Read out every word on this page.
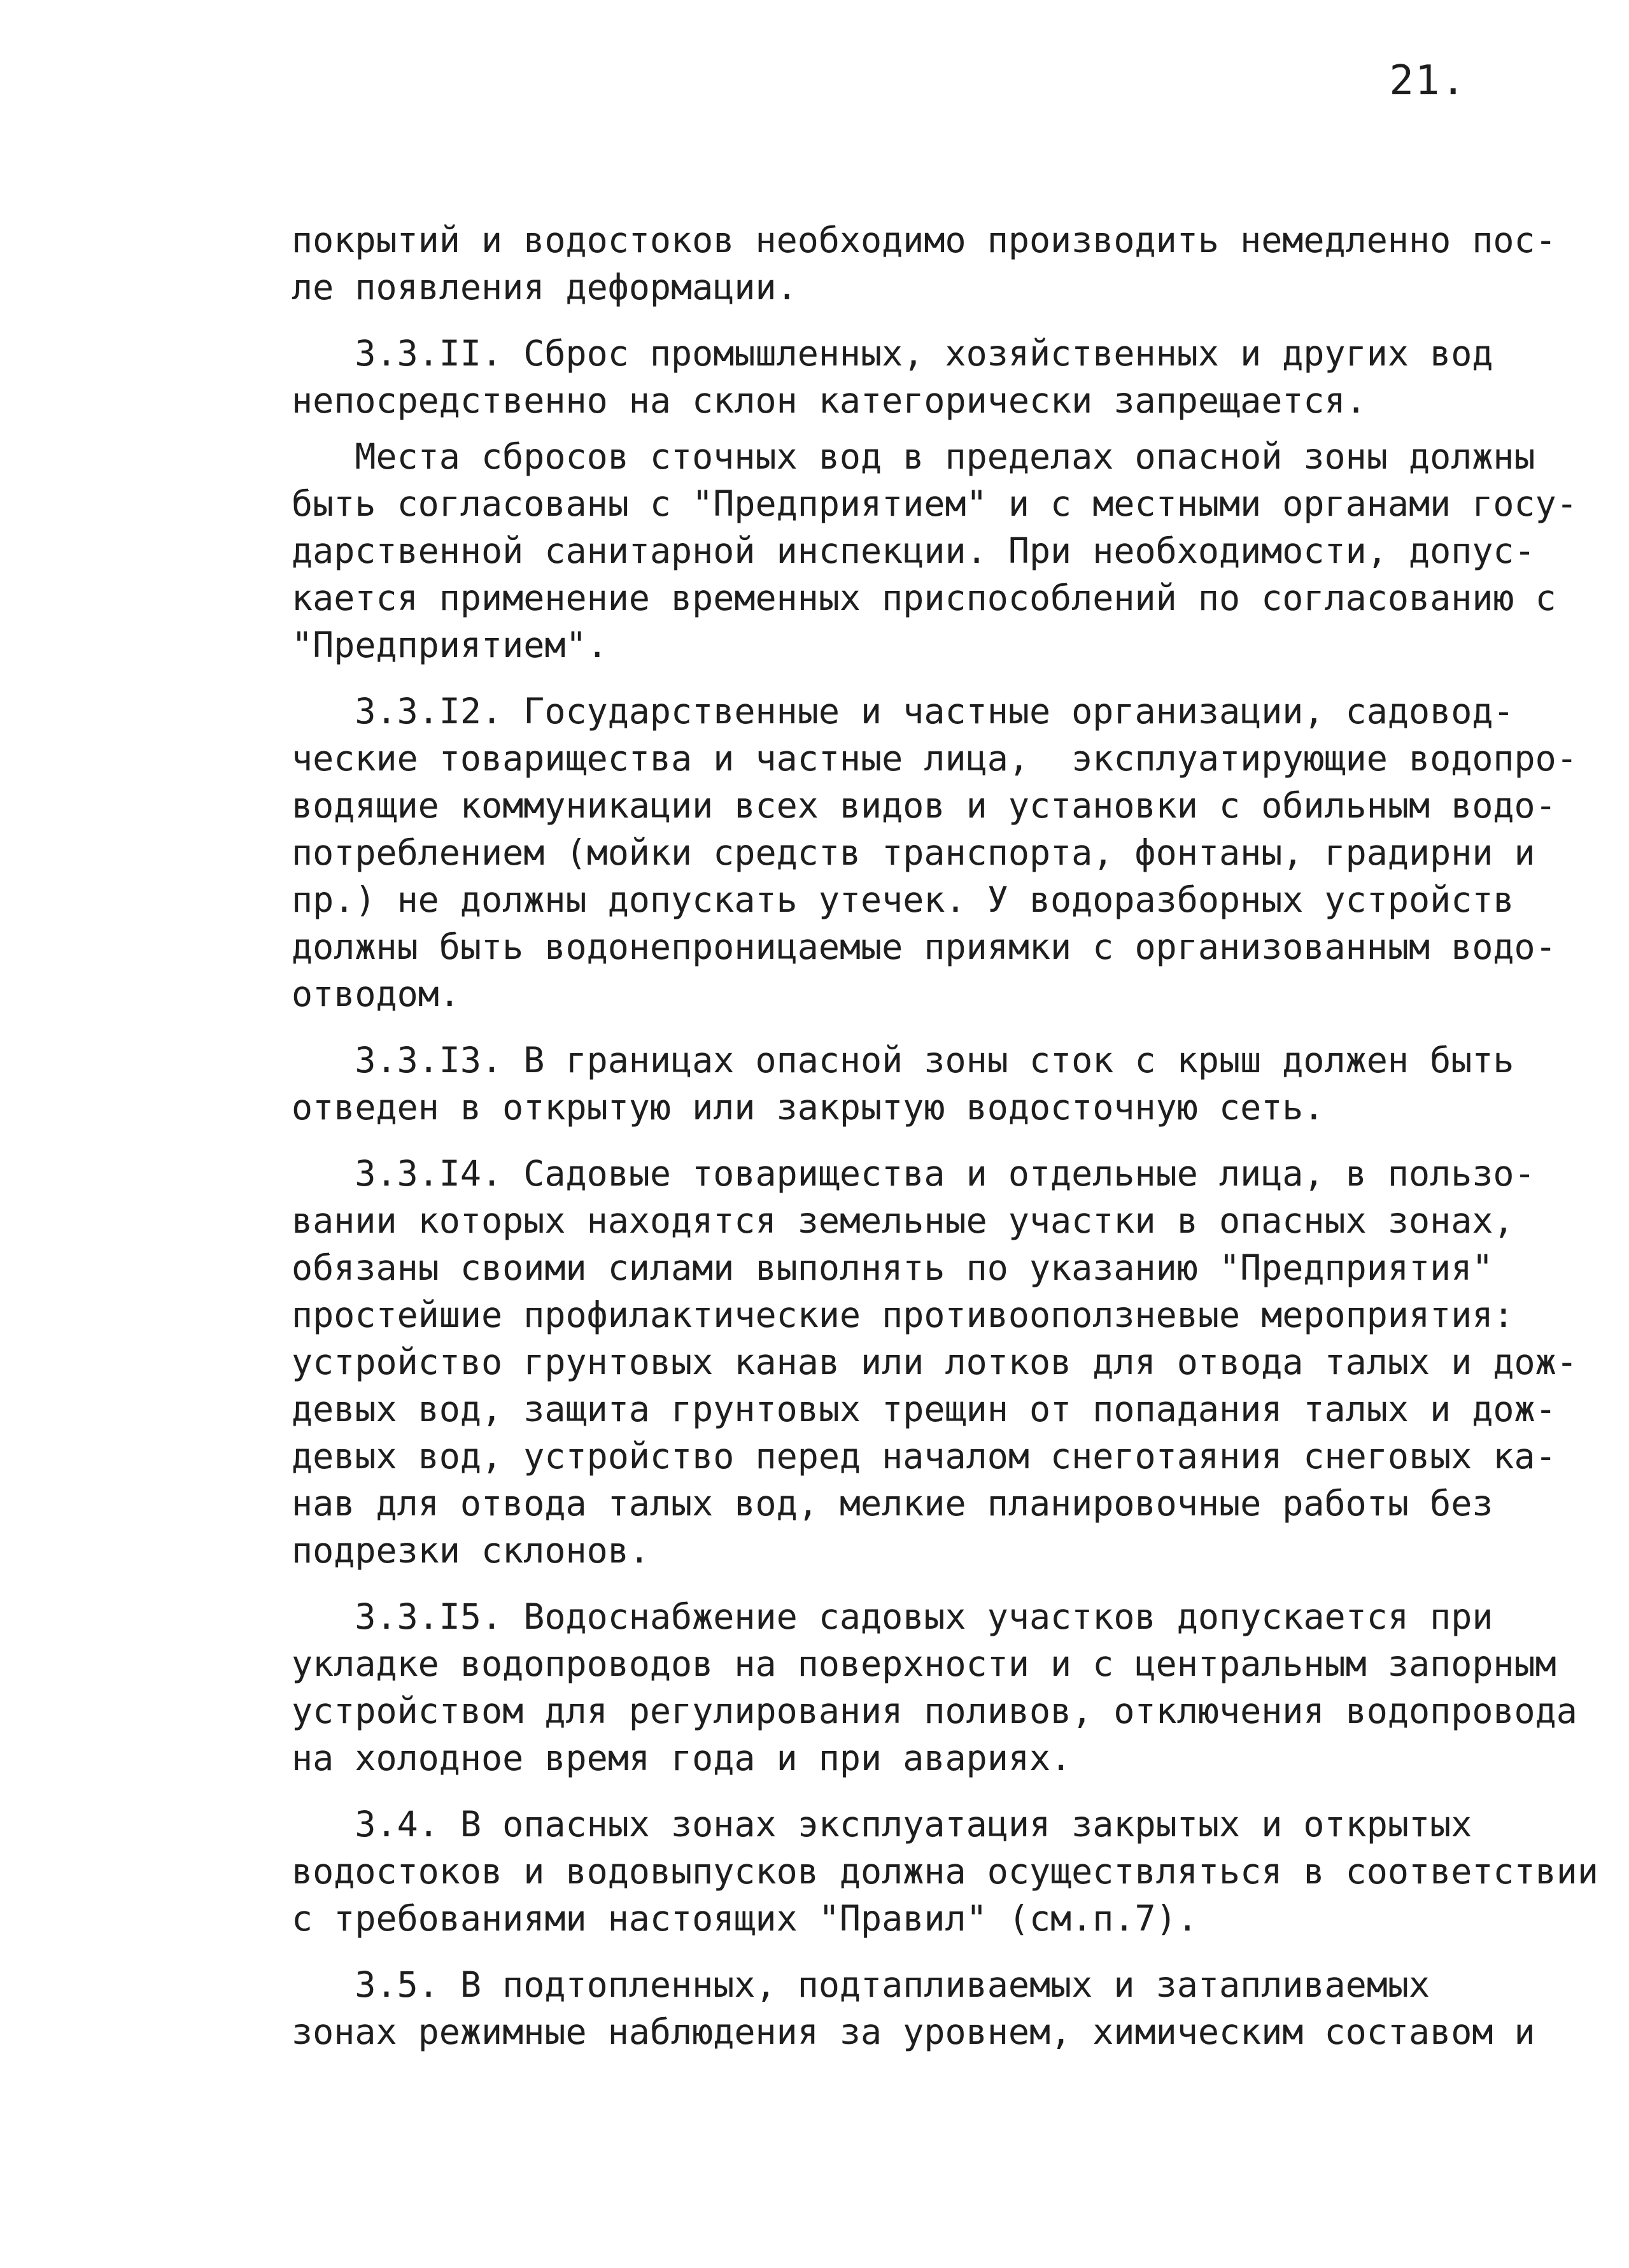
21.
покрытий и водостоков необходимо производить немедленно пос-
ле появления деформации.
3.3.II. Сброс промышленных, хозяйственных и других вод
непосредственно на склон категорически запрещается.
Места сбросов сточных вод в пределах опасной зоны должны
быть согласованы с "Предприятием" и с местными органами госу-
дарственной санитарной инспекции. При необходимости, допус-
кается применение временных приспособлений по согласованию с
"Предприятием".
3.3.I2. Государственные и частные организации, садовод-
ческие товарищества и частные лица,  эксплуатирующие водопро-
водящие коммуникации всех видов и установки с обильным водо-
потреблением (мойки средств транспорта, фонтаны, градирни и
пр.) не должны допускать утечек. У водоразборных устройств
должны быть водонепроницаемые приямки с организованным водо-
отводом.
3.3.I3. В границах опасной зоны сток с крыш должен быть
отведен в открытую или закрытую водосточную сеть.
3.3.I4. Садовые товарищества и отдельные лица, в пользо-
вании которых находятся земельные участки в опасных зонах,
обязаны своими силами выполнять по указанию "Предприятия"
простейшие профилактические противооползневые мероприятия:
устройство грунтовых канав или лотков для отвода талых и дож-
девых вод, защита грунтовых трещин от попадания талых и дож-
девых вод, устройство перед началом снеготаяния снеговых ка-
нав для отвода талых вод, мелкие планировочные работы без
подрезки склонов.
3.3.I5. Водоснабжение садовых участков допускается при
укладке водопроводов на поверхности и с центральным запорным
устройством для регулирования поливов, отключения водопровода
на холодное время года и при авариях.
3.4. В опасных зонах эксплуатация закрытых и открытых
водостоков и водовыпусков должна осуществляться в соответствии
с требованиями настоящих "Правил" (см.п.7).
3.5. В подтопленных, подтапливаемых и затапливаемых
зонах режимные наблюдения за уровнем, химическим составом и
